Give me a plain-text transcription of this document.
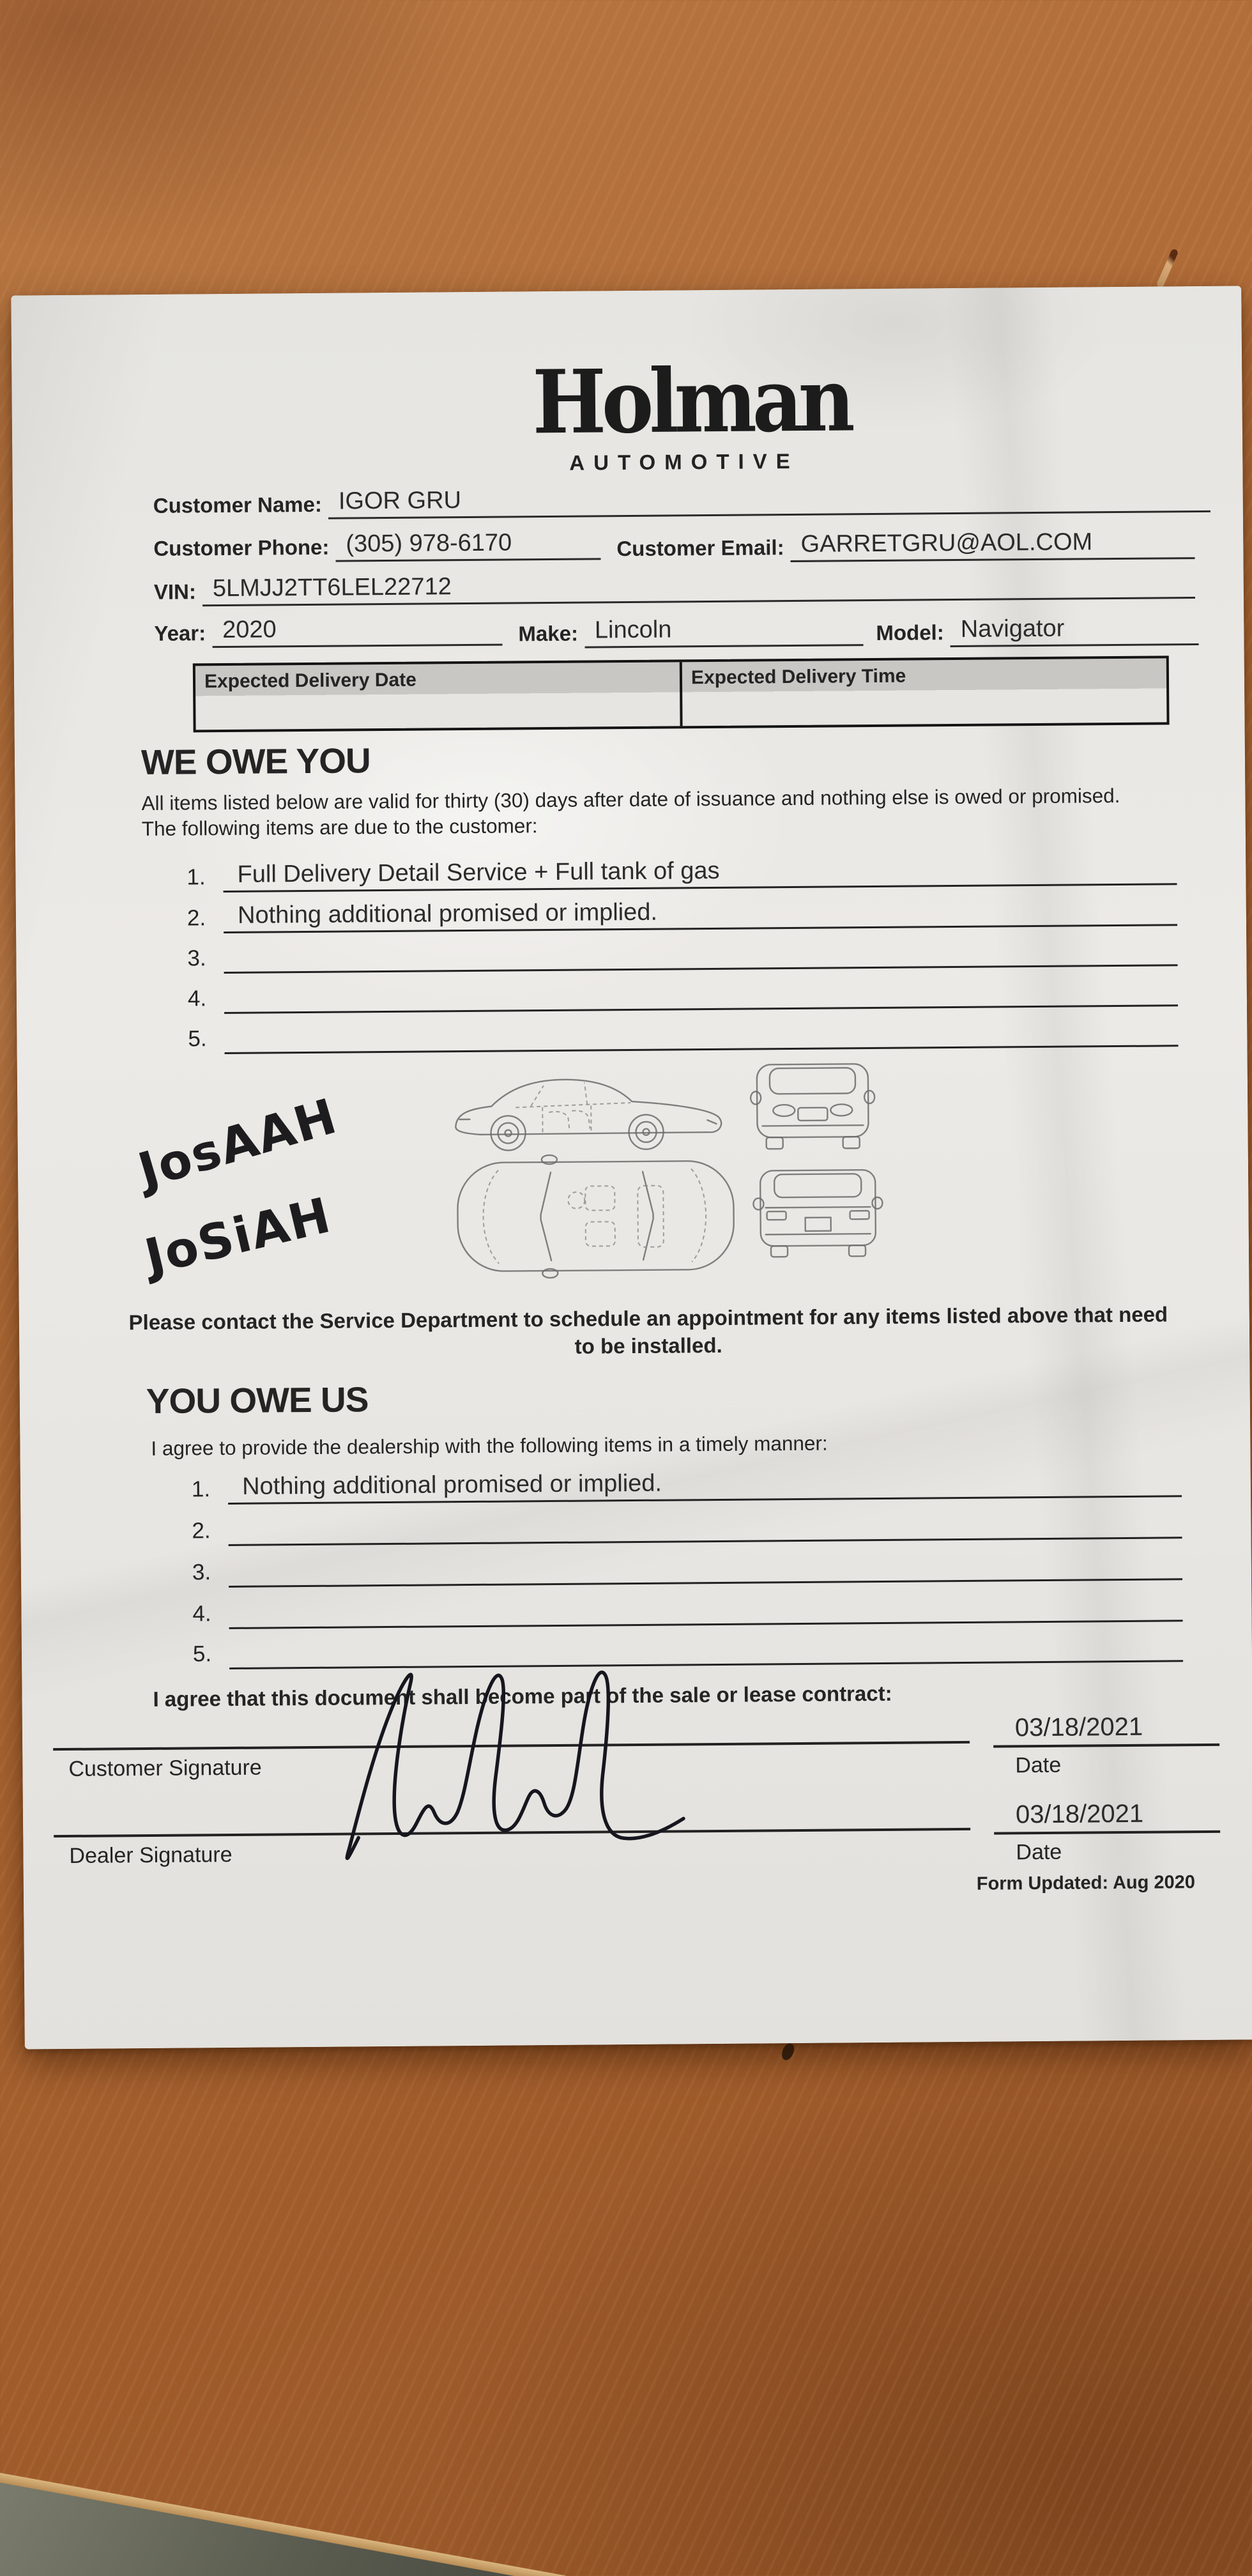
Holman
AUTOMOTIVE
Customer Name: IGOR GRU
Customer Phone: (305) 978-6170	Customer Email: GARRETGRU@AOL.COM
VIN: 5LMJJ2TT6LEL22712
Year: 2020	Make: Lincoln	Model: Navigator
Expected Delivery Date	Expected Delivery Time
WE OWE YOU
All items listed below are valid for thirty (30) days after date of issuance and nothing else is owed or promised.
The following items are due to the customer:
1.	Full Delivery Detail Service + Full tank of gas
2.	Nothing additional promised or implied.
3.
4.
5.
JosAAH
JoSiAH
Please contact the Service Department to schedule an appointment for any items listed above that need to be installed.
YOU OWE US
I agree to provide the dealership with the following items in a timely manner:
1.	Nothing additional promised or implied.
2.
3.
4.
5.
I agree that this document shall become part of the sale or lease contract:
Customer Signature
03/18/2021
Date
Dealer Signature
03/18/2021
Date
Form Updated: Aug 2020
